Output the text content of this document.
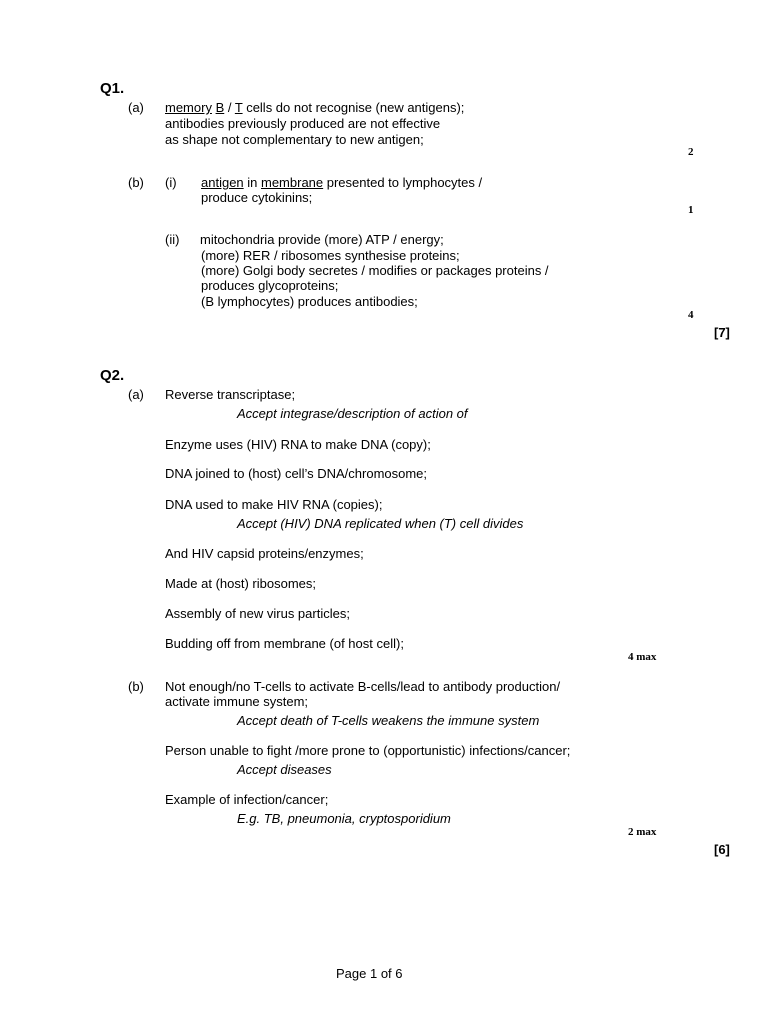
Q1.
(a) memory B / T cells do not recognise (new antigens);
antibodies previously produced are not effective
as shape not complementary to new antigen;
2
(b) (i) antigen in membrane presented to lymphocytes /
produce cytokinins;
1
(ii) mitochondria provide (more) ATP / energy;
(more) RER / ribosomes synthesise proteins;
(more) Golgi body secretes / modifies or packages proteins /
produces glycoproteins;
(B lymphocytes) produces antibodies;
4
[7]
Q2.
(a) Reverse transcriptase;
Accept integrase/description of action of
Enzyme uses (HIV) RNA to make DNA (copy);
DNA joined to (host) cell’s DNA/chromosome;
DNA used to make HIV RNA (copies);
Accept (HIV) DNA replicated when (T) cell divides
And HIV capsid proteins/enzymes;
Made at (host) ribosomes;
Assembly of new virus particles;
Budding off from membrane (of host cell);
4 max
(b) Not enough/no T-cells to activate B-cells/lead to antibody production/
activate immune system;
Accept death of T-cells weakens the immune system
Person unable to fight /more prone to (opportunistic) infections/cancer;
Accept diseases
Example of infection/cancer;
E.g. TB, pneumonia, cryptosporidium
2 max
[6]
Page 1 of 6
